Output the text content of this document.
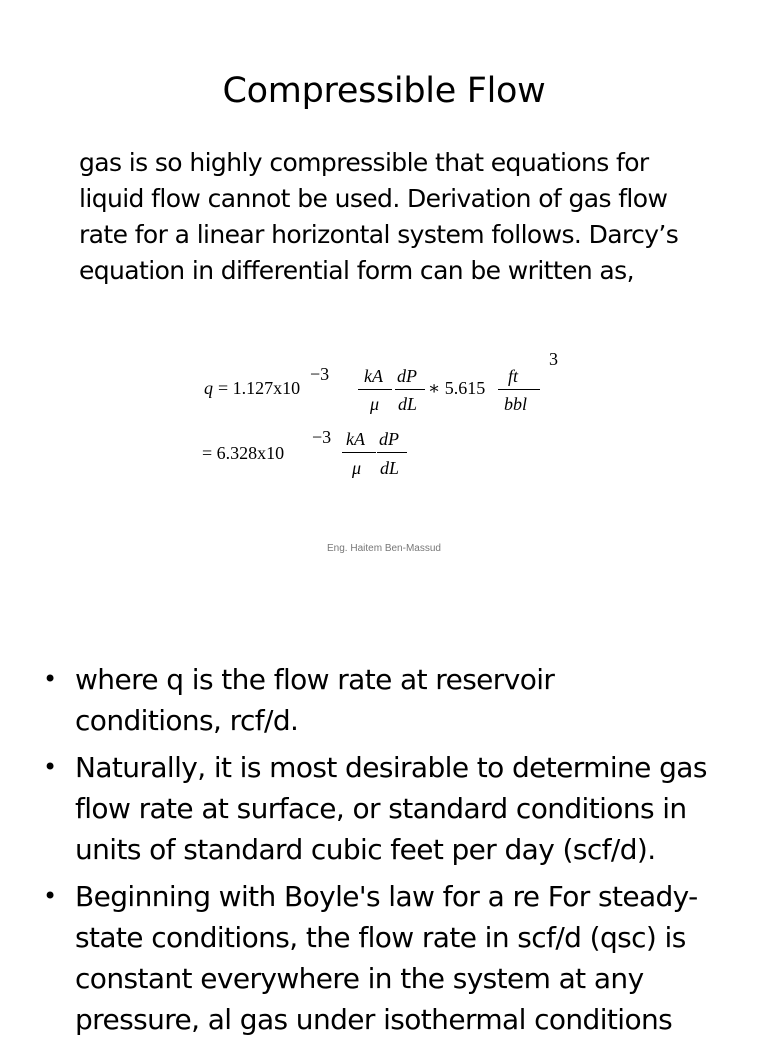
Compressible Flow

gas is so highly compressible that equations for
liquid flow cannot be used. Derivation of gas flow
rate for a linear horizontal system follows. Darcy’s
equation in differential form can be written as,

q = 1.127x10
−3 kA
μ
dP
dL
∗ 5.615
ft
3
bbl
= 6.328x10
−3 kA
μ
dP
dL
Eng. Haitem Ben-Massud
• where q is the flow rate at reservoir
conditions, rcf/d.
• Naturally, it is most desirable to determine gas
flow rate at surface, or standard conditions in
units of standard cubic feet per day (scf/d).
• Beginning with Boyle's law for a re For steady-
state conditions, the flow rate in scf/d (qsc) is
constant everywhere in the system at any
pressure, al gas under isothermal conditions
